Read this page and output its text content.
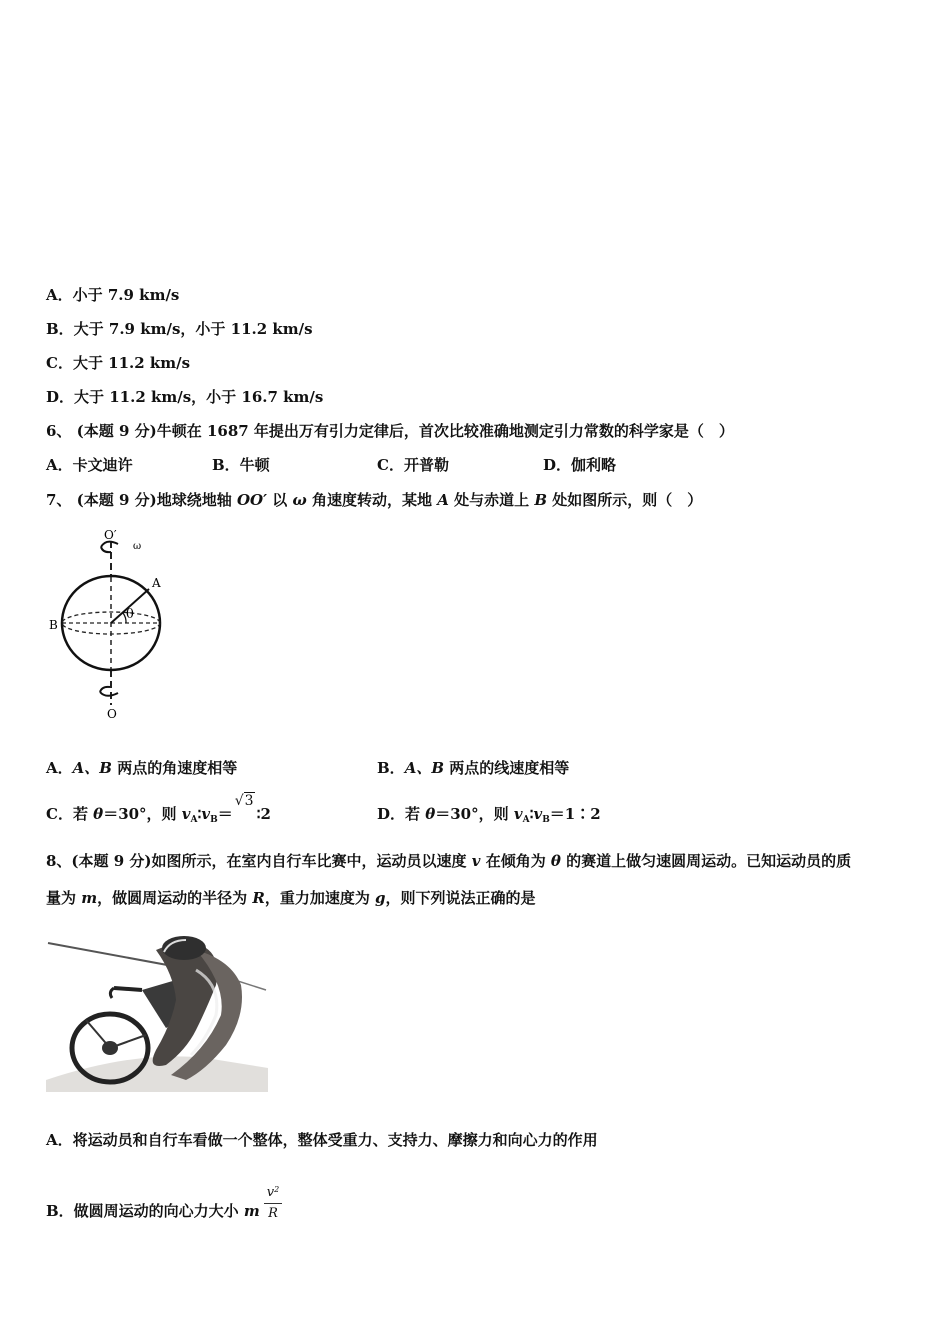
A．小于 7.9 km/s
B．大于 7.9 km/s，小于 11.2 km/s
C．大于 11.2 km/s
D．大于 11.2 km/s，小于 16.7 km/s
6、 (本题 9 分)牛顿在 1687 年提出万有引力定律后，首次比较准确地测定引力常数的科学家是（　）
A．卡文迪许	B．牛顿	C．开普勒	D．伽利略
7、 (本题 9 分)地球绕地轴 OO′ 以 ω 角速度转动，某地 A 处与赤道上 B 处如图所示，则（　）
O′
ω
A
θ
B
O
A．A、B 两点的角速度相等	B．A、B 两点的线速度相等
C．若 θ＝30°，则 $v_A∶v_B=√3∶2$	D．若 θ＝30°，则 $v_A∶v_B=1∶2$
8、(本题 9 分)如图所示，在室内自行车比赛中，运动员以速度 v 在倾角为 θ 的赛道上做匀速圆周运动。已知运动员的质
量为 m，做圆周运动的半径为 R，重力加速度为 g，则下列说法正确的是
A．将运动员和自行车看做一个整体，整体受重力、支持力、摩擦力和向心力的作用
B．做圆周运动的向心力大小 m $\frac{v^2}{R}$
